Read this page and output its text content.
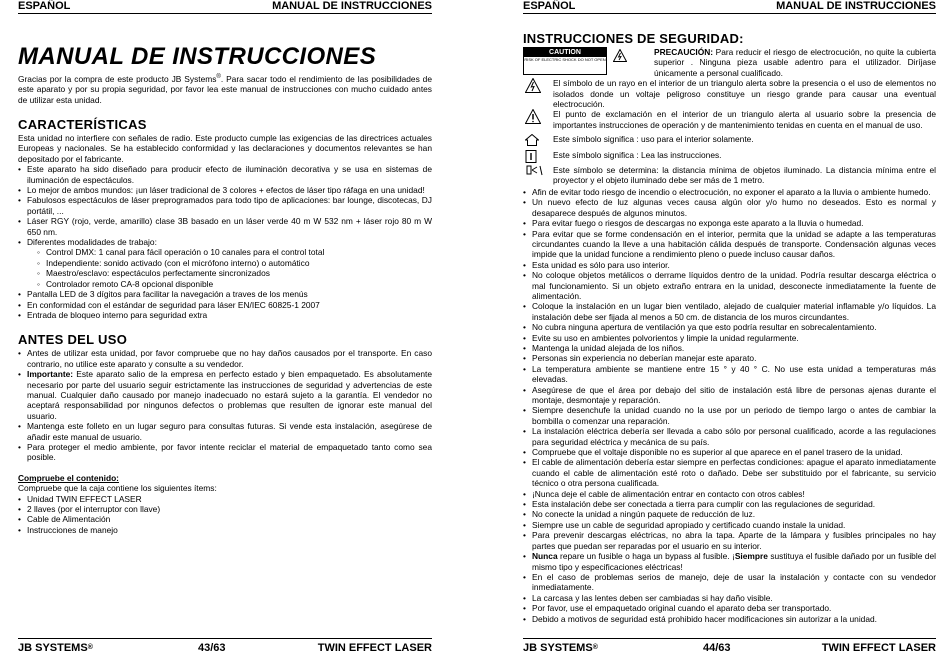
ESPAÑOL	MANUAL DE INSTRUCCIONES
MANUAL DE INSTRUCCIONES

Gracias por la compra de este producto JB Systems®. Para sacar todo el rendimiento de las posibilidades de este aparato y por su propia seguridad, por favor lea este manual de instrucciones con mucho cuidado antes de utilizar esta unidad.

CARACTERÍSTICAS

Esta unidad no interfiere con señales de radio. Este producto cumple las exigencias de las directrices actuales Europeas y nacionales. Se ha establecido conformidad y las declaraciones y documentos relevantes se han depositado por el fabricante.

• Este aparato ha sido diseñado para producir efecto de iluminación decorativa y se usa en sistemas de iluminación de espectáculos.
• Lo mejor de ambos mundos: ¡un láser tradicional de 3 colores + efectos de láser tipo ráfaga en una unidad!
• Fabulosos espectáculos de láser preprogramados para todo tipo de aplicaciones: bar lounge, discotecas, DJ portátil, ...
• Láser RGY (rojo, verde, amarillo) clase 3B basado en un láser verde 40 m W 532 nm + láser rojo 80 m W 650 nm.
• Diferentes modalidades de trabajo:
◦ Control DMX: 1 canal para fácil operación o 10 canales para el control total
◦ Independiente: sonido activado (con el micrófono interno) o automático
◦ Maestro/esclavo: espectáculos perfectamente sincronizados
◦ Controlador remoto CA-8 opcional disponible
• Pantalla LED de 3 dígitos para facilitar la navegación a traves de los menús
• En conformidad con el estándar de seguridad para láser EN/IEC 60825-1 2007
• Entrada de bloqueo interno para seguridad extra
ANTES DEL USO
• Antes de utilizar esta unidad, por favor compruebe que no hay daños causados por el transporte. En caso contrario, no utilice este aparato y consulte a su vendedor.
• Importante: Este aparato salio de la empresa en perfecto estado y bien empaquetado. Es absolutamente necesario por parte del usuario seguir estrictamente las instrucciones de seguridad y advertencias de este manual. Cualquier daño causado por manejo inadecuado no estará sujeto a la garantía. El vendedor no aceptará responsabilidad por ningunos defectos o problemas que resulten de ignorar este manual del usuario.
• Mantenga este folleto en un lugar seguro para consultas futuras. Si vende esta instalación, asegúrese de añadir este manual de usuario.
• Para proteger el medio ambiente, por favor intente reciclar el material de empaquetado tanto como sea posible.

Compruebe el contenido:

Compruebe que la caja contiene los siguientes ítems:

• Unidad TWIN EFFECT LASER
• 2 llaves (por el interruptor con llave)
• Cable de Alimentación
• Instrucciones de manejo
JB SYSTEMS®	43/63	TWIN EFFECT LASER
ESPAÑOL	MANUAL DE INSTRUCCIONES
INSTRUCCIONES DE SEGURIDAD:
CAUTION
RISK OF ELECTRIC SHOCK DO NOT OPEN

PRECAUCIÓN: Para reducir el riesgo de electrocución, no quite la cubierta superior . Ninguna pieza usable adentro para el utilizador. Diríjase únicamente a personal cualificado.

El símbolo de un rayo en el interior de un triangulo alerta sobre la presencia o el uso de elementos no isolados donde un voltaje peligroso constituye un riesgo grande para causar una eventual electrocución.
El punto de exclamación en el interior de un triangulo alerta al usuario sobre la presencia de importantes instrucciones de operación y de mantenimiento tenidas en cuenta en el manual de uso.
Este símbolo significa : uso para el interior solamente.
Este símbolo significa : Lea las instrucciones.
Este símbolo se determina: la distancia mínima de objetos iluminado. La distancia mínima entre el proyector y el objeto iluminado debe ser más de 1 metro.
• Afin de evitar todo riesgo de incendio o electrocución, no exponer el aparato a la lluvia o ambiente humedo.
• Un nuevo efecto de luz algunas veces causa algún olor y/o humo no deseados. Esto es normal y desaparece después de algunos minutos.
• Para evitar fuego o riesgos de descargas no exponga este aparato a la lluvia o humedad.
• Para evitar que se forme condensación en el interior, permita que la unidad se adapte a las temperaturas circundantes cuando la lleve a una habitación cálida después de transporte. Condensación algunas veces impide que la unidad funcione a rendimiento pleno o puede incluso causar daños.
• Esta unidad es sólo para uso interior.
• No coloque objetos metálicos o derrame líquidos dentro de la unidad. Podría resultar descarga eléctrica o mal funcionamiento. Si un objeto extraño entrara en la unidad, desconecte inmediatamente la fuente de alimentación.
• Coloque la instalación en un lugar bien ventilado, alejado de cualquier material inflamable y/o líquidos. La instalación debe ser fijada al menos a 50 cm. de distancia de los muros circundantes.
• No cubra ninguna apertura de ventilación ya que esto podría resultar en sobrecalentamiento.
• Evite su uso en ambientes polvorientos y limpie la unidad regularmente.
• Mantenga la unidad alejada de los niños.
• Personas sin experiencia no deberían manejar este aparato.
• La temperatura ambiente se mantiene entre 15 ° y 40 ° C. No use esta unidad a temperaturas más elevadas.
• Asegúrese de que el área por debajo del sitio de instalación está libre de personas ajenas durante el montaje, desmontaje y reparación.
• Siempre desenchufe la unidad cuando no la use por un periodo de tiempo largo o antes de cambiar la bombilla o comenzar una reparación.
• La instalación eléctrica debería ser llevada a cabo sólo por personal cualificado, acorde a las regulaciones para seguridad eléctrica y mecánica de su país.
• Compruebe que el voltaje disponible no es superior al que aparece en el panel trasero de la unidad.
• El cable de alimentación debería estar siempre en perfectas condiciones: apague el aparato inmediatamente cuando el cable de alimentación esté roto o dañado. Debe ser substituido por el fabricante, su servicio técnico o otra persona cualificada.
• ¡Nunca deje el cable de alimentación entrar en contacto con otros cables!
• Esta instalación debe ser conectada a tierra para cumplir con las regulaciones de seguridad.
• No conecte la unidad a ningún paquete de reducción de luz.
• Siempre use un cable de seguridad apropiado y certificado cuando instale la unidad.
• Para prevenir descargas eléctricas, no abra la tapa. Aparte de la lámpara y fusibles principales no hay partes que puedan ser reparadas por el usuario en su interior.
• Nunca repare un fusible o haga un bypass al fusible. ¡Siempre sustituya el fusible dañado por un fusible del mismo tipo y especificaciones eléctricas!
• En el caso de problemas serios de manejo, deje de usar la instalación y contacte con su vendedor inmediatamente.
• La carcasa y las lentes deben ser cambiadas si hay daño visible.
• Por favor, use el empaquetado original cuando el aparato deba ser transportado.
• Debido a motivos de seguridad está prohibido hacer modificaciones sin autorizar a la unidad.
JB SYSTEMS®	44/63	TWIN EFFECT LASER
